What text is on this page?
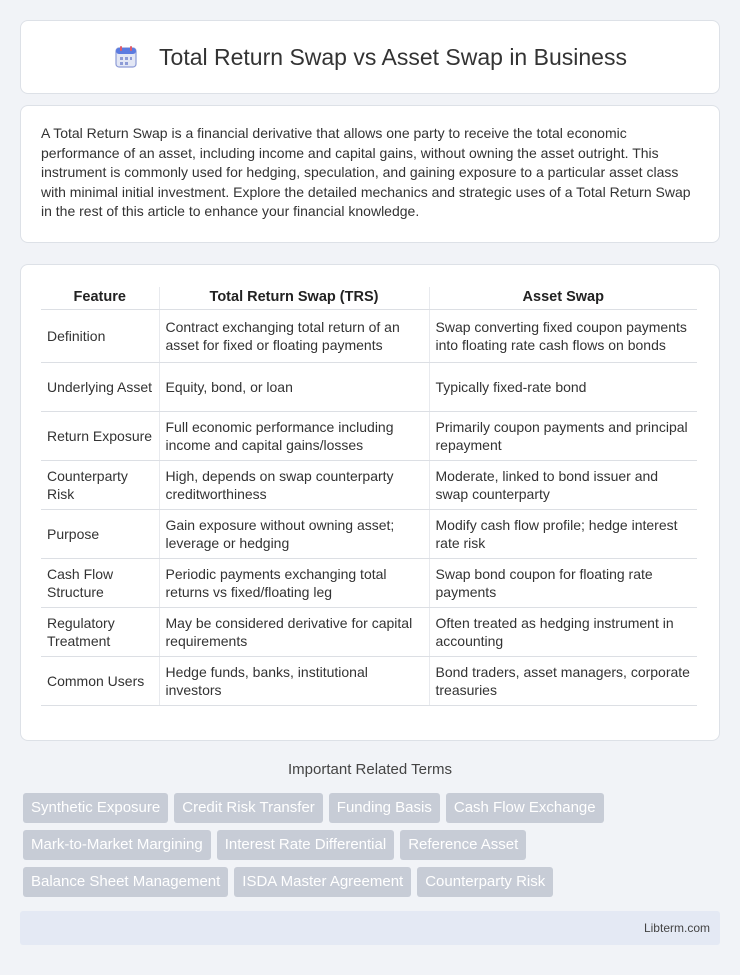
Total Return Swap vs Asset Swap in Business

A Total Return Swap is a financial derivative that allows one party to receive the total economic performance of an asset, including income and capital gains, without owning the asset outright. This instrument is commonly used for hedging, speculation, and gaining exposure to a particular asset class with minimal initial investment. Explore the detailed mechanics and strategic uses of a Total Return Swap in the rest of this article to enhance your financial knowledge.

Feature	Total Return Swap (TRS)	Asset Swap
Definition	Contract exchanging total return of an asset for fixed or floating payments	Swap converting fixed coupon payments into floating rate cash flows on bonds
Underlying Asset	Equity, bond, or loan	Typically fixed-rate bond
Return Exposure	Full economic performance including income and capital gains/losses	Primarily coupon payments and principal repayment
Counterparty Risk	High, depends on swap counterparty creditworthiness	Moderate, linked to bond issuer and swap counterparty
Purpose	Gain exposure without owning asset; leverage or hedging	Modify cash flow profile; hedge interest rate risk
Cash Flow Structure	Periodic payments exchanging total returns vs fixed/floating leg	Swap bond coupon for floating rate payments
Regulatory Treatment	May be considered derivative for capital requirements	Often treated as hedging instrument in accounting
Common Users	Hedge funds, banks, institutional investors	Bond traders, asset managers, corporate treasuries
Important Related Terms
Synthetic Exposure	Credit Risk Transfer	Funding Basis	Cash Flow Exchange
Mark-to-Market Margining	Interest Rate Differential	Reference Asset
Balance Sheet Management	ISDA Master Agreement	Counterparty Risk
Libterm.com
